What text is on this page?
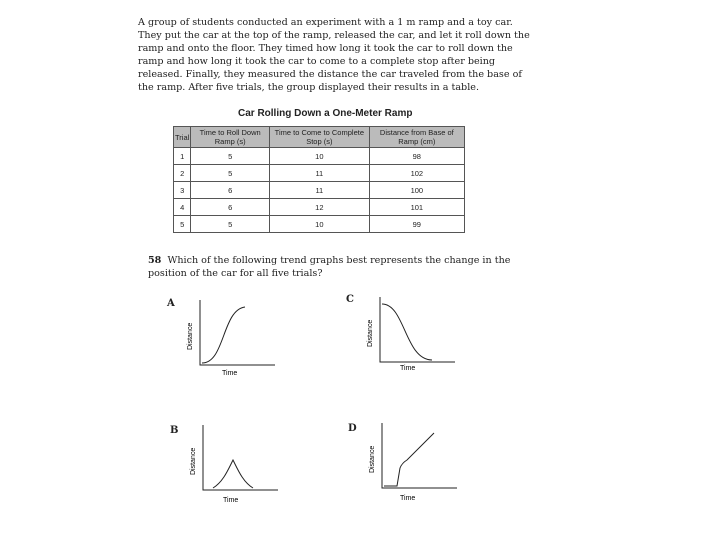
A group of students conducted an experiment with a 1 m ramp and a toy car. They put the car at the top of the ramp, released the car, and let it roll down the ramp and onto the floor. They timed how long it took the car to roll down the ramp and how long it took the car to come to a complete stop after being released. Finally, they measured the distance the car traveled from the base of the ramp. After five trials, the group displayed their results in a table.
Car Rolling Down a One-Meter Ramp
Trial	Time to Roll Down Ramp (s)	Time to Come to Complete Stop (s)	Distance from Base of Ramp (cm)
1	5	10	98
2	5	11	102
3	6	11	100
4	6	12	101
5	5	10	99
58 Which of the following trend graphs best represents the change in the position of the car for all five trials?
A	C
B	D
Distance
Time
Distance
Time
Distance
Time
Distance
Time
